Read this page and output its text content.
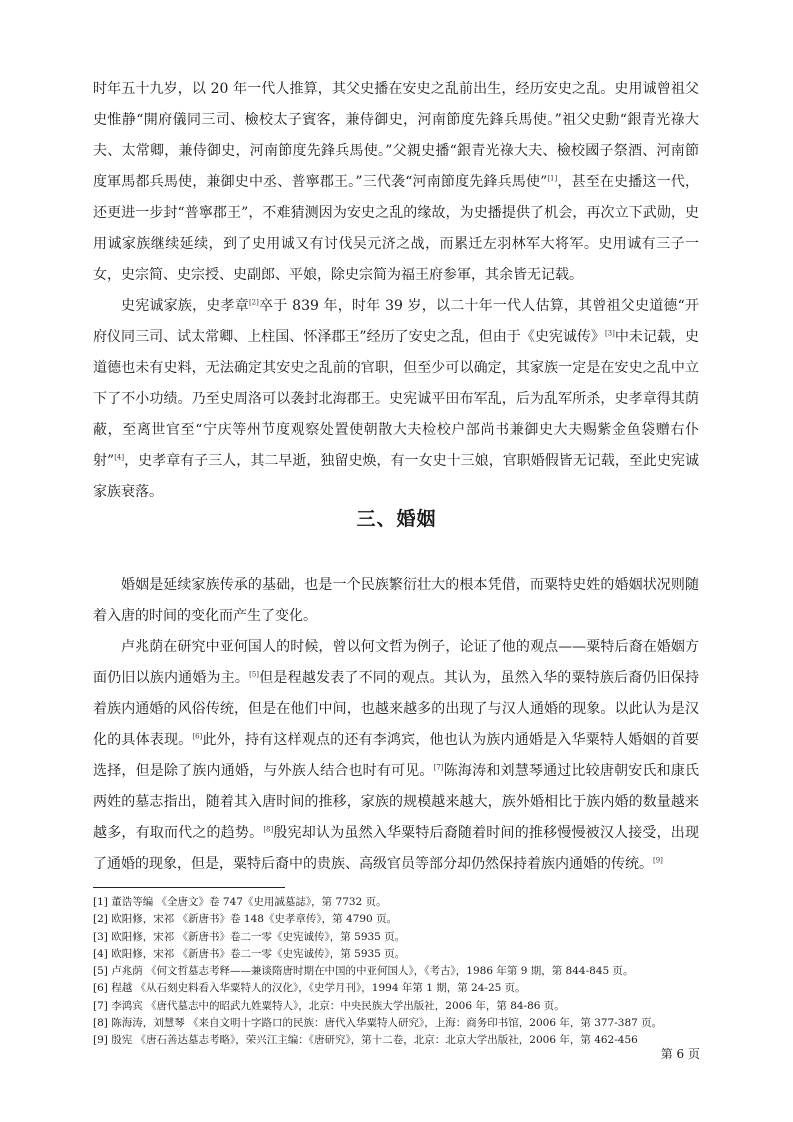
时年五十九岁，以 20 年一代人推算，其父史播在安史之乱前出生，经历安史之乱。史用诚曾祖父史惟静“開府儀同三司、檢校太子賓客，兼侍御史，河南節度先鋒兵馬使。”祖父史勳“銀青光祿大夫、太常卿，兼侍御史，河南節度先鋒兵馬使。”父親史播“銀青光祿大夫、檢校國子祭酒、河南節度軍馬都兵馬使，兼御史中丞、普寧郡王。”三代袭“河南節度先鋒兵馬使”[1]，甚至在史播这一代，还更进一步封“普寧郡王”，不难猜测因为安史之乱的缘故，为史播提供了机会，再次立下武勋，史用诚家族继续延续，到了史用诚又有讨伐吴元济之战，而累迁左羽林军大将军。史用诚有三子一女，史宗简、史宗授、史副郎、平娘，除史宗简为福王府参軍，其余皆无记载。

史宪诚家族，史孝章[2]卒于 839 年，时年 39 岁，以二十年一代人估算，其曾祖父史道德“开府仪同三司、试太常卿、上柱国、怀泽郡王”经历了安史之乱，但由于《史宪诚传》[3]中未记载，史道德也未有史料，无法确定其安史之乱前的官职，但至少可以确定，其家族一定是在安史之乱中立下了不小功绩。乃至史周洛可以袭封北海郡王。史宪诚平田布军乱，后为乱军所杀，史孝章得其荫蔽，至离世官至“宁庆等州节度观察处置使朝散大夫检校户部尚书兼御史大夫赐紫金鱼袋赠右仆射”[4]，史孝章有子三人，其二早逝，独留史焕，有一女史十三娘，官职婚假皆无记载，至此史宪诚家族衰落。

三、婚姻

婚姻是延续家族传承的基础，也是一个民族繁衍壮大的根本凭借，而粟特史姓的婚姻状况则随着入唐的时间的变化而产生了变化。

卢兆荫在研究中亚何国人的时候，曾以何文哲为例子，论证了他的观点——粟特后裔在婚姻方面仍旧以族内通婚为主。[5]但是程越发表了不同的观点。其认为，虽然入华的粟特族后裔仍旧保持着族内通婚的风俗传统，但是在他们中间，也越来越多的出现了与汉人通婚的现象。以此认为是汉化的具体表现。[6]此外，持有这样观点的还有李鸿宾，他也认为族内通婚是入华粟特人婚姻的首要选择，但是除了族内通婚，与外族人结合也时有可见。[7]陈海涛和刘慧琴通过比较唐朝安氏和康氏两姓的墓志指出，随着其入唐时间的推移，家族的规模越来越大，族外婚相比于族内婚的数量越来越多，有取而代之的趋势。[8]殷宪却认为虽然入华粟特后裔随着时间的推移慢慢被汉人接受，出现了通婚的现象，但是，粟特后裔中的贵族、高级官员等部分却仍然保持着族内通婚的传统。[9]

[1] 董诰等编 《全唐文》卷 747《史用誠墓誌》，第 7732 页。

[2] 欧阳修，宋祁 《新唐书》卷 148《史孝章传》，第 4790 页。

[3] 欧阳修，宋祁 《新唐书》卷二一零《史宪诚传》，第 5935 页。

[4] 欧阳修，宋祁 《新唐书》卷二一零《史宪诚传》，第 5935 页。

[5] 卢兆荫 《何文哲墓志考释——兼谈隋唐时期在中国的中亚何国人》，《考古》，1986 年第 9 期，第 844-845 页。

[6] 程越 《从石刻史料看入华粟特人的汉化》，《史学月刊》，1994 年第 1 期，第 24-25 页。

[7] 李鸿宾 《唐代墓志中的昭武九姓粟特人》，北京：中央民族大学出版社，2006 年，第 84-86 页。

[8] 陈海涛，刘慧琴 《来自文明十字路口的民族：唐代入华粟特人研究》，上海：商务印书馆，2006 年，第 377-387 页。

[9] 殷宪 《唐石善达墓志考略》，荣兴江主编：《唐研究》，第十二卷，北京：北京大学出版社，2006 年，第 462-456

第 6 页
